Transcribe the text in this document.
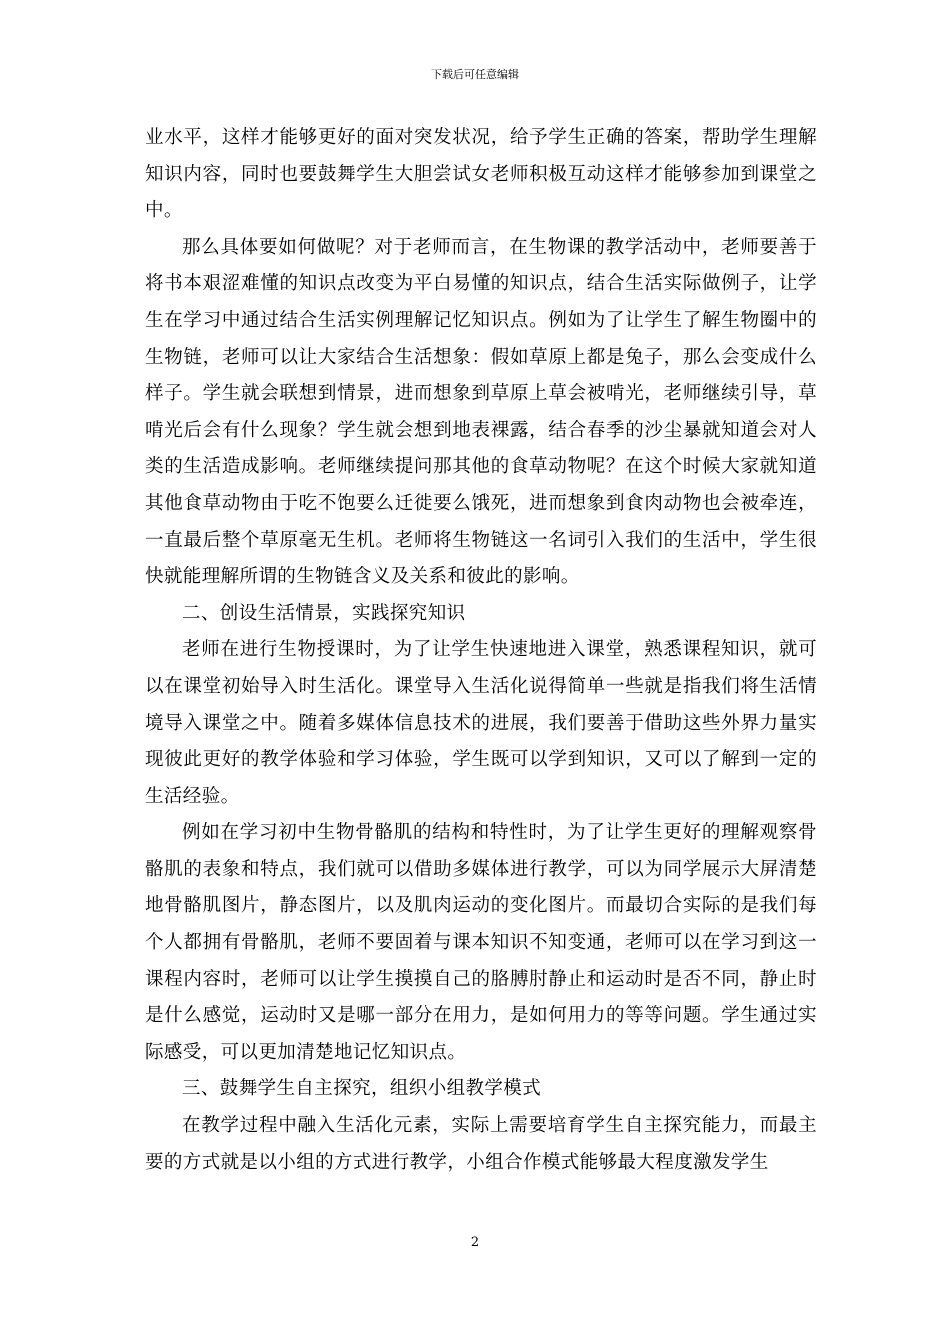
下载后可任意编辑

业水平，这样才能够更好的面对突发状况，给予学生正确的答案，帮助学生理解知识内容，同时也要鼓舞学生大胆尝试女老师积极互动这样才能够参加到课堂之中。

那么具体要如何做呢？对于老师而言，在生物课的教学活动中，老师要善于将书本艰涩难懂的知识点改变为平白易懂的知识点，结合生活实际做例子，让学生在学习中通过结合生活实例理解记忆知识点。例如为了让学生了解生物圈中的生物链，老师可以让大家结合生活想象：假如草原上都是兔子，那么会变成什么样子。学生就会联想到情景，进而想象到草原上草会被啃光，老师继续引导，草啃光后会有什么现象？学生就会想到地表裸露，结合春季的沙尘暴就知道会对人类的生活造成影响。老师继续提问那其他的食草动物呢？在这个时候大家就知道其他食草动物由于吃不饱要么迁徙要么饿死，进而想象到食肉动物也会被牵连，一直最后整个草原毫无生机。老师将生物链这一名词引入我们的生活中，学生很快就能理解所谓的生物链含义及关系和彼此的影响。

二、创设生活情景，实践探究知识

老师在进行生物授课时，为了让学生快速地进入课堂，熟悉课程知识，就可以在课堂初始导入时生活化。课堂导入生活化说得简单一些就是指我们将生活情境导入课堂之中。随着多媒体信息技术的进展，我们要善于借助这些外界力量实现彼此更好的教学体验和学习体验，学生既可以学到知识，又可以了解到一定的生活经验。

例如在学习初中生物骨骼肌的结构和特性时，为了让学生更好的理解观察骨骼肌的表象和特点，我们就可以借助多媒体进行教学，可以为同学展示大屏清楚地骨骼肌图片，静态图片，以及肌肉运动的变化图片。而最切合实际的是我们每个人都拥有骨骼肌，老师不要固着与课本知识不知变通，老师可以在学习到这一课程内容时，老师可以让学生摸摸自己的胳膊肘静止和运动时是否不同，静止时是什么感觉，运动时又是哪一部分在用力，是如何用力的等等问题。学生通过实际感受，可以更加清楚地记忆知识点。

三、鼓舞学生自主探究，组织小组教学模式

在教学过程中融入生活化元素，实际上需要培育学生自主探究能力，而最主要的方式就是以小组的方式进行教学，小组合作模式能够最大程度激发学生

2
